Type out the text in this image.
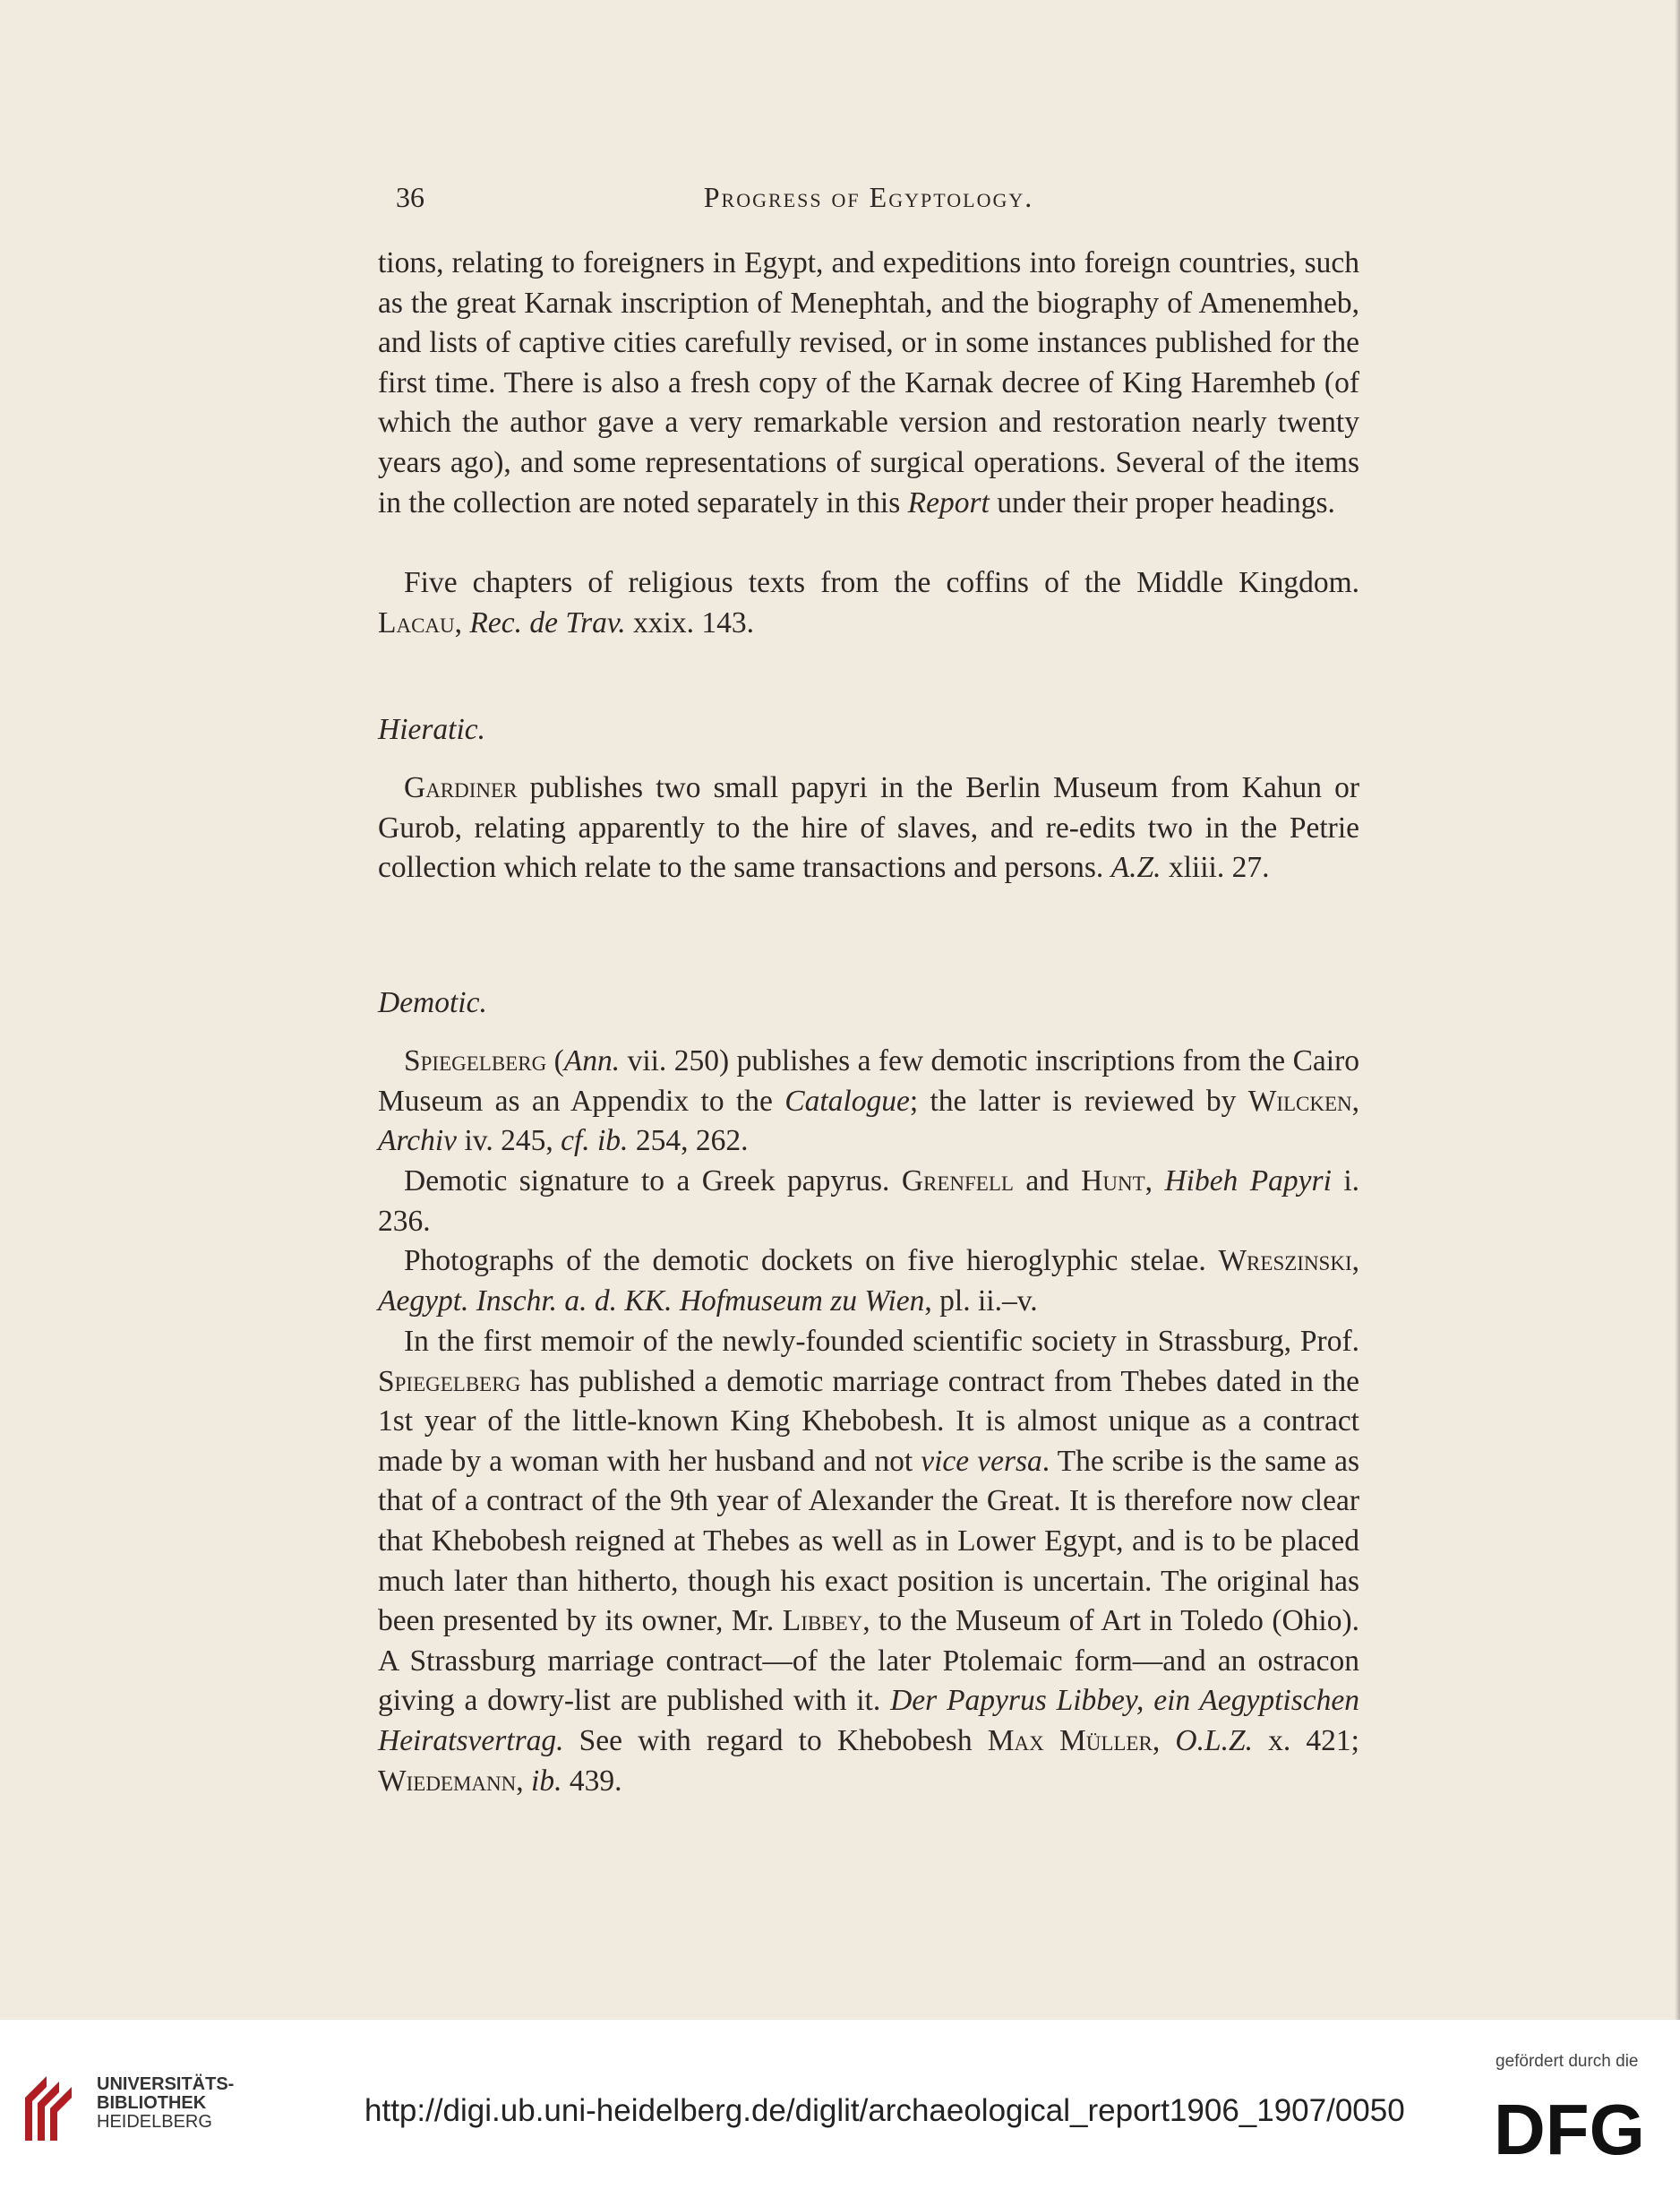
36	Progress of Egyptology.

tions, relating to foreigners in Egypt, and expeditions into foreign countries, such as the great Karnak inscription of Menephtah, and the biography of Amenemheb, and lists of captive cities carefully revised, or in some instances published for the first time. There is also a fresh copy of the Karnak decree of King Haremheb (of which the author gave a very remarkable version and restoration nearly twenty years ago), and some representations of surgical operations. Several of the items in the collection are noted separately in this Report under their proper headings.

Five chapters of religious texts from the coffins of the Middle Kingdom. Lacau, Rec. de Trav. xxix. 143.

Hieratic.

Gardiner publishes two small papyri in the Berlin Museum from Kahun or Gurob, relating apparently to the hire of slaves, and re-edits two in the Petrie collection which relate to the same transactions and persons. A.Z. xliii. 27.

Demotic.

Spiegelberg (Ann. vii. 250) publishes a few demotic inscriptions from the Cairo Museum as an Appendix to the Catalogue; the latter is reviewed by Wilcken, Archiv iv. 245, cf. ib. 254, 262.

Demotic signature to a Greek papyrus. Grenfell and Hunt, Hibeh Papyri i. 236.

Photographs of the demotic dockets on five hieroglyphic stelae. Wreszinski, Aegypt. Inschr. a. d. KK. Hofmuseum zu Wien, pl. ii.–v.

In the first memoir of the newly-founded scientific society in Strassburg, Prof. Spiegelberg has published a demotic marriage contract from Thebes dated in the 1st year of the little-known King Khebobesh. It is almost unique as a contract made by a woman with her husband and not vice versa. The scribe is the same as that of a contract of the 9th year of Alexander the Great. It is therefore now clear that Khebobesh reigned at Thebes as well as in Lower Egypt, and is to be placed much later than hitherto, though his exact position is uncertain. The original has been presented by its owner, Mr. Libbey, to the Museum of Art in Toledo (Ohio). A Strassburg marriage contract—of the later Ptolemaic form—and an ostracon giving a dowry-list are published with it. Der Papyrus Libbey, ein Aegyptischen Heiratsvertrag. See with regard to Khebobesh Max Müller, O.L.Z. x. 421; Wiedemann, ib. 439.

UNIVERSITÄTS-
BIBLIOTHEK
HEIDELBERG	http://digi.ub.uni-heidelberg.de/diglit/archaeological_report1906_1907/0050
gefördert durch die
DFG
